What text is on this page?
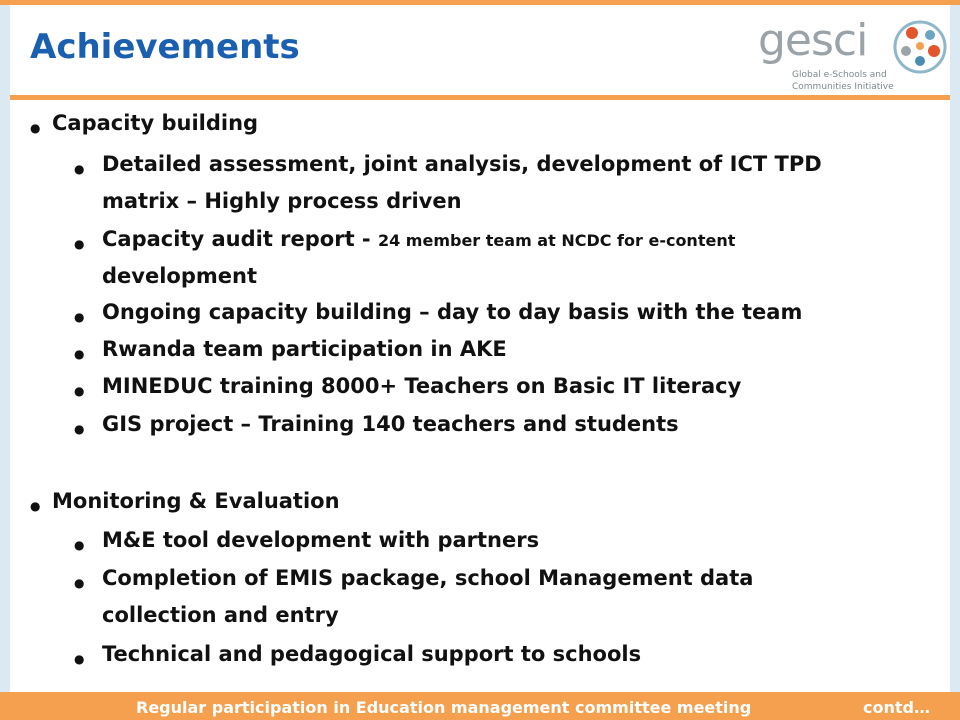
Achievements	gesci
Global e-Schools and
Communities Initiative
● Capacity building
● Detailed assessment, joint analysis, development of ICT TPD
matrix – Highly process driven
● Capacity audit report - 24 member team at NCDC for e-content
development
● Ongoing capacity building – day to day basis with the team
● Rwanda team participation in AKE
● MINEDUC training 8000+ Teachers on Basic IT literacy
● GIS project – Training 140 teachers and students
● Monitoring & Evaluation
● M&E tool development with partners
● Completion of EMIS package, school Management data
collection and entry
● Technical and pedagogical support to schools
Regular participation in Education management committee meeting	contd…
